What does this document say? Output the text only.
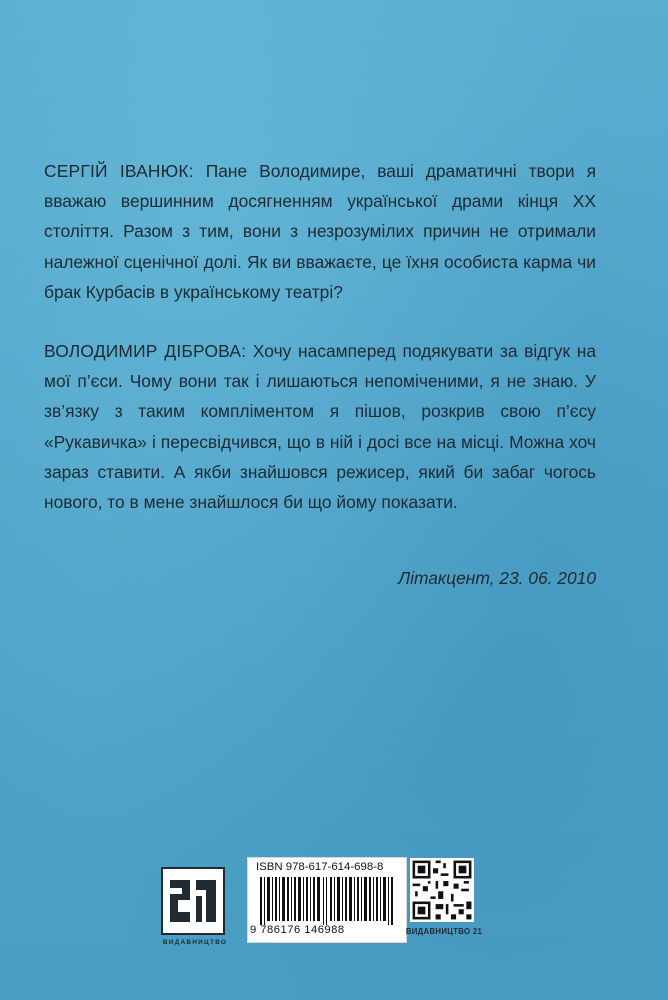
СЕРГІЙ ІВАНЮК: Пане Володимире, ваші драматичні твори я вважаю вершинним досягненням української драми кінця XX століття. Разом з тим, вони з незрозумілих причин не отримали належної сценічної долі. Як ви вважаєте, це їхня особиста карма чи брак Курбасів в українському театрі?

ВОЛОДИМИР ДІБРОВА: Хочу насамперед подякувати за відгук на мої п’єси. Чому вони так і лишаються непоміченими, я не знаю. У зв’язку з таким компліментом я пішов, розкрив свою п’єсу «Рукавичка» і пересвідчився, що в ній і досі все на місці. Можна хоч зараз ставити. А якби знайшовся режисер, який би забаг чогось нового, то в мене знайшлося би що йому показати.

Літакцент, 23. 06. 2010
ВИДАВНИЦТВО
ISBN 978-617-614-698-8
9 786176 146988	ВИДАВНИЦТВО 21
